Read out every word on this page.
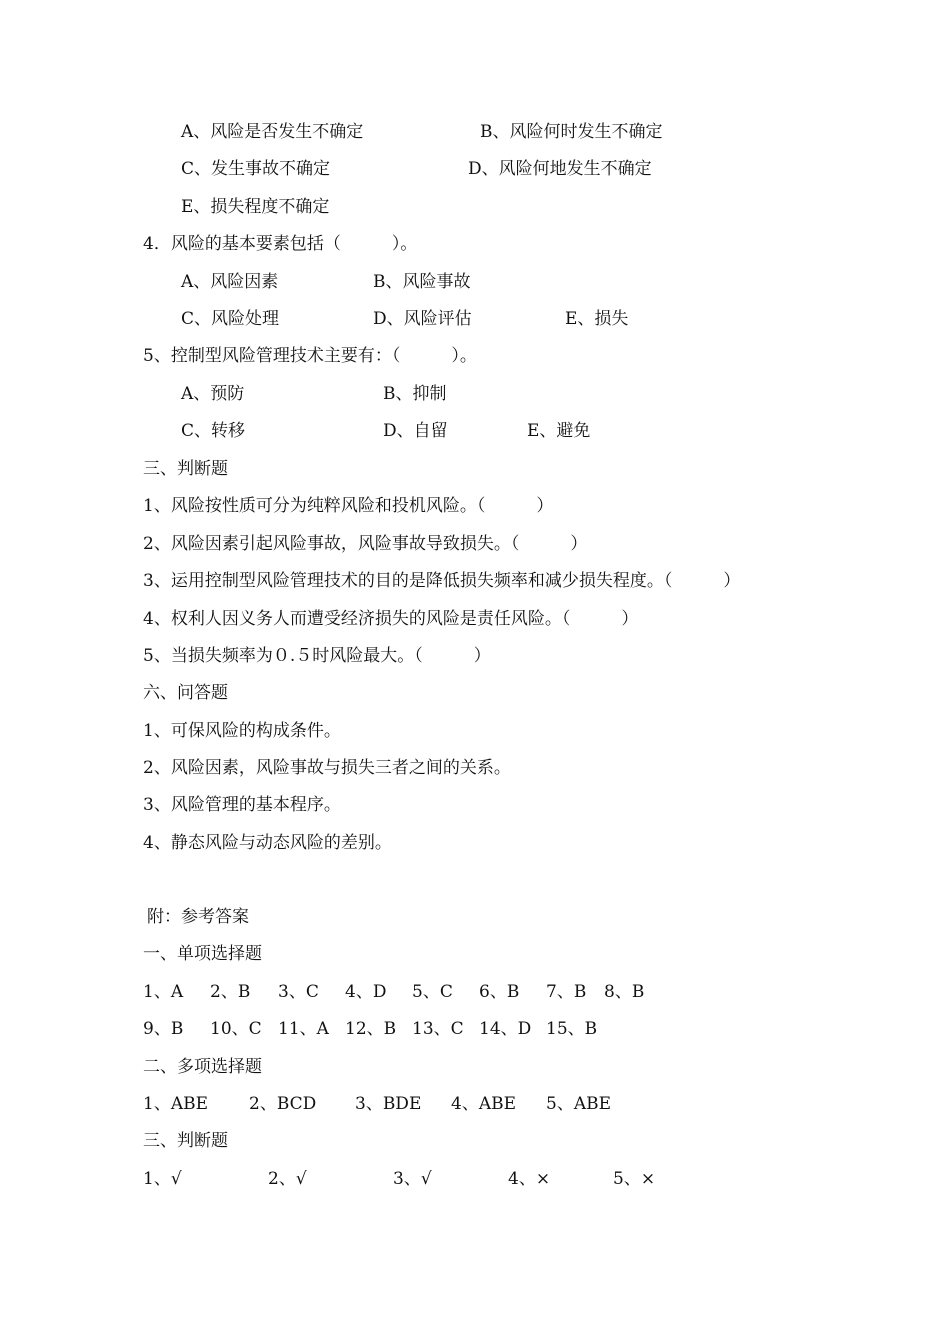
A、风险是否发生不确定	B、风险何时发生不确定
C、发生事故不确定	D、风险何地发生不确定
E、损失程度不确定
4．风险的基本要素包括（　　　）。
A、风险因素	B、风险事故
C、风险处理	D、风险评估	E、损失
5、控制型风险管理技术主要有：（　　　）。
A、预防	B、抑制
C、转移	D、自留	E、避免
三、判断题
1、风险按性质可分为纯粹风险和投机风险。（　　　）
2、风险因素引起风险事故，风险事故导致损失。（　　　）
3、运用控制型风险管理技术的目的是降低损失频率和减少损失程度。（　　　）
4、权利人因义务人而遭受经济损失的风险是责任风险。（　　　）
5、当损失频率为０.５时风险最大。（　　　）
六、问答题
1、可保风险的构成条件。
2、风险因素，风险事故与损失三者之间的关系。
3、风险管理的基本程序。
4、静态风险与动态风险的差别。
附：参考答案
一、单项选择题
1、A 2、B 3、C 4、D 5、C 6、B 7、B 8、B
9、B 10、C 11、A 12、B 13、C 14、D 15、B
二、多项选择题
1、ABE 2、BCD 3、BDE 4、ABE 5、ABE
三、判断题
1、√	2、√	3、√	4、×	5、×
